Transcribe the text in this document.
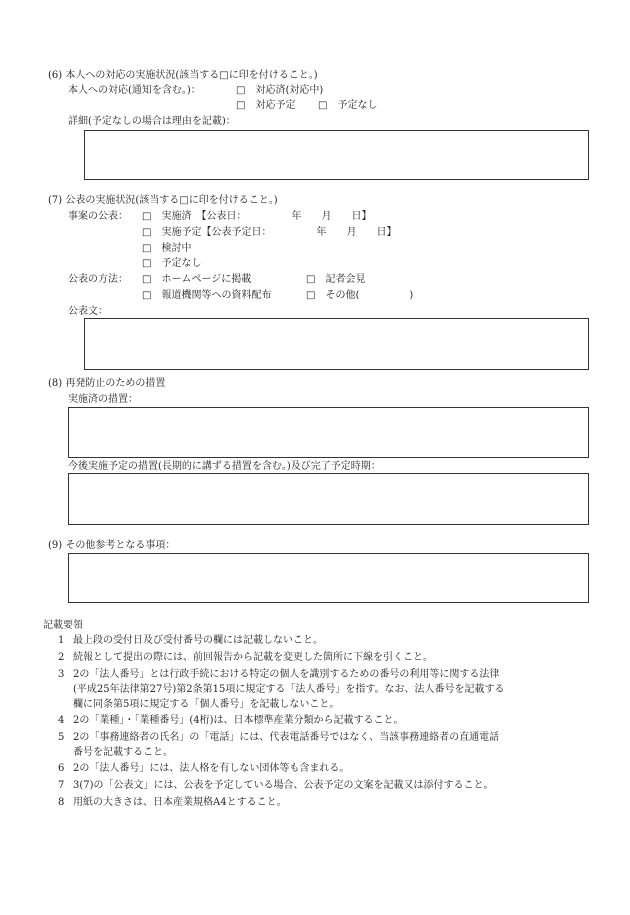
(6) 本人への対応の実施状況(該当する□に印を付けること。)
本人への対応(通知を含む。)：	□　対応済(対応中)
□　対応予定 □　予定なし
詳細(予定なしの場合は理由を記載)：
(7) 公表の実施状況(該当する□に印を付けること。)
事案の公表： □　実施済　【公表日：　　　　　年　　月　　日】
□　実施予定【公表予定日：　　　　　年　　月　　日】
□　検討中
□　予定なし
公表の方法： □　ホームページに掲載	□　記者会見
□　報道機関等への資料配布	□　その他(　　　　　)
公表文：
(8) 再発防止のための措置
実施済の措置：
今後実施予定の措置(長期的に講ずる措置を含む。)及び完了予定時期：
(9) その他参考となる事項：
記載要領
1 最上段の受付日及び受付番号の欄には記載しないこと。
2 続報として提出の際には、前回報告から記載を変更した箇所に下線を引くこと。
3 2の「法人番号」とは行政手続における特定の個人を識別するための番号の利用等に関する法律
(平成25年法律第27号)第2条第15項に規定する「法人番号」を指す。なお、法人番号を記載する
欄に同条第5項に規定する「個人番号」を記載しないこと。
4 2の「業種」・「業種番号」(4桁)は、日本標準産業分類から記載すること。
5 2の「事務連絡者の氏名」の「電話」には、代表電話番号ではなく、当該事務連絡者の直通電話
番号を記載すること。
6 2の「法人番号」には、法人格を有しない団体等も含まれる。
7 3(7)の「公表文」には、公表を予定している場合、公表予定の文案を記載又は添付すること。
8 用紙の大きさは、日本産業規格A4とすること。
